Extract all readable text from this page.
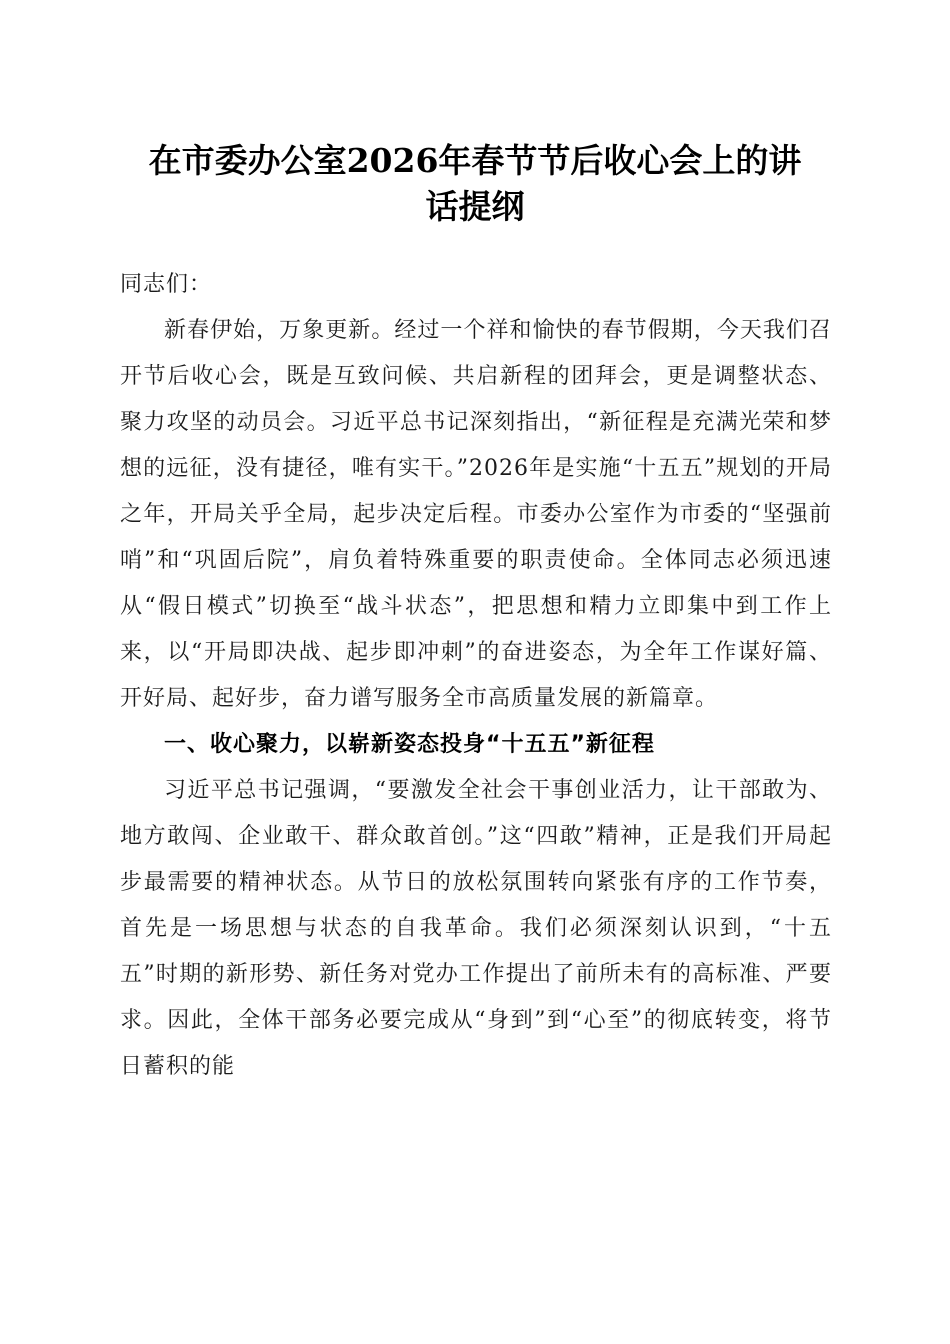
在市委办公室2026年春节节后收心会上的讲
话提纲

同志们：

新春伊始，万象更新。经过一个祥和愉快的春节假期，今天我们召开节后收心会，既是互致问候、共启新程的团拜会，更是调整状态、聚力攻坚的动员会。习近平总书记深刻指出，“新征程是充满光荣和梦想的远征，没有捷径，唯有实干。”2026年是实施“十五五”规划的开局之年，开局关乎全局，起步决定后程。市委办公室作为市委的“坚强前哨”和“巩固后院”，肩负着特殊重要的职责使命。全体同志必须迅速从“假日模式”切换至“战斗状态”，把思想和精力立即集中到工作上来，以“开局即决战、起步即冲刺”的奋进姿态，为全年工作谋好篇、开好局、起好步，奋力谱写服务全市高质量发展的新篇章。

一、收心聚力，以崭新姿态投身“十五五”新征程

习近平总书记强调，“要激发全社会干事创业活力，让干部敢为、地方敢闯、企业敢干、群众敢首创。”这“四敢”精神，正是我们开局起步最需要的精神状态。从节日的放松氛围转向紧张有序的工作节奏，首先是一场思想与状态的自我革命。我们必须深刻认识到，“十五五”时期的新形势、新任务对党办工作提出了前所未有的高标准、严要求。因此，全体干部务必要完成从“身到”到“心至”的彻底转变，将节日蓄积的能
